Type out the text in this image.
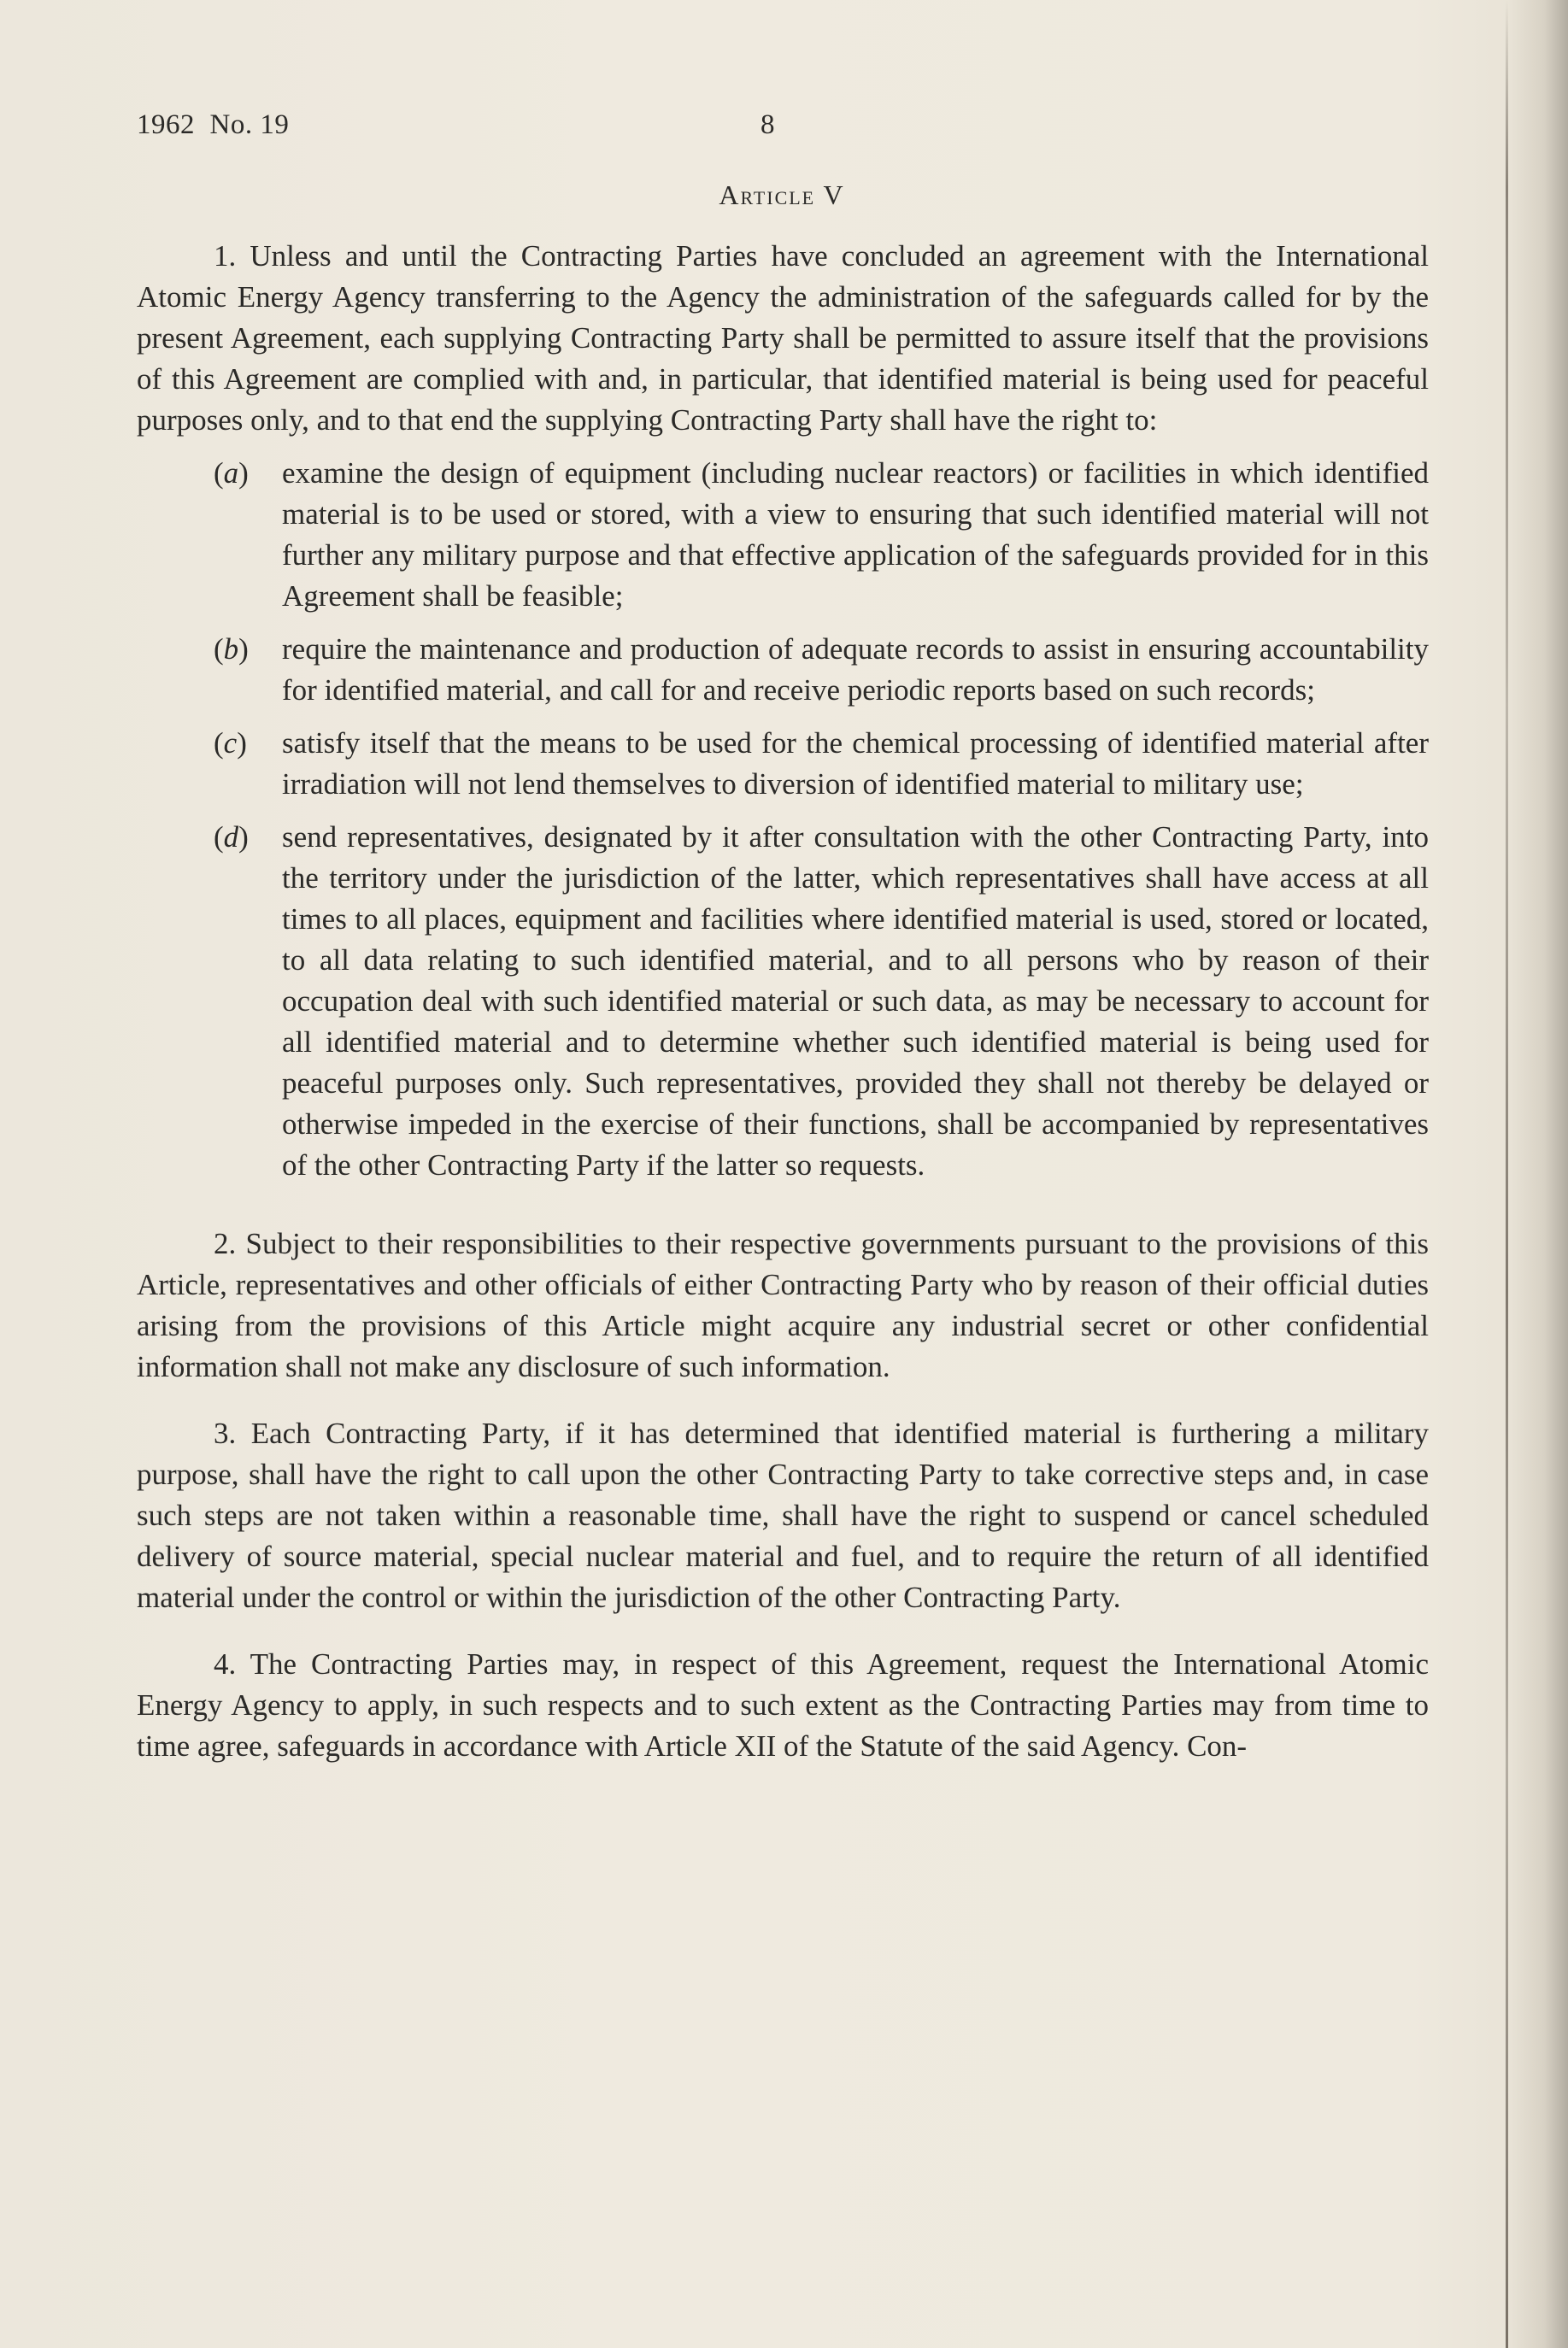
1962  No. 19	8
Article V

1. Unless and until the Contracting Parties have concluded an agreement with the International Atomic Energy Agency transferring to the Agency the administration of the safeguards called for by the present Agreement, each supplying Contracting Party shall be permitted to assure itself that the provisions of this Agreement are complied with and, in particular, that identified material is being used for peaceful purposes only, and to that end the supplying Contracting Party shall have the right to:

(a) examine the design of equipment (including nuclear reactors) or facilities in which identified material is to be used or stored, with a view to ensuring that such identified material will not further any military purpose and that effective application of the safeguards provided for in this Agreement shall be feasible;
(b) require the maintenance and production of adequate records to assist in ensuring accountability for identified material, and call for and receive periodic reports based on such records;
(c) satisfy itself that the means to be used for the chemical processing of identified material after irradiation will not lend themselves to diversion of identified material to military use;
(d) send representatives, designated by it after consultation with the other Contracting Party, into the territory under the jurisdiction of the latter, which representatives shall have access at all times to all places, equipment and facilities where identified material is used, stored or located, to all data relating to such identified material, and to all persons who by reason of their occupation deal with such identified material or such data, as may be necessary to account for all identified material and to determine whether such identified material is being used for peaceful purposes only. Such representatives, provided they shall not thereby be delayed or otherwise impeded in the exercise of their functions, shall be accompanied by representatives of the other Contracting Party if the latter so requests.

2. Subject to their responsibilities to their respective governments pursuant to the provisions of this Article, representatives and other officials of either Contracting Party who by reason of their official duties arising from the provisions of this Article might acquire any industrial secret or other confidential information shall not make any disclosure of such information.

3. Each Contracting Party, if it has determined that identified material is furthering a military purpose, shall have the right to call upon the other Contracting Party to take corrective steps and, in case such steps are not taken within a reasonable time, shall have the right to suspend or cancel scheduled delivery of source material, special nuclear material and fuel, and to require the return of all identified material under the control or within the jurisdiction of the other Contracting Party.

4. The Contracting Parties may, in respect of this Agreement, request the International Atomic Energy Agency to apply, in such respects and to such extent as the Contracting Parties may from time to time agree, safeguards in accordance with Article XII of the Statute of the said Agency. Con-
